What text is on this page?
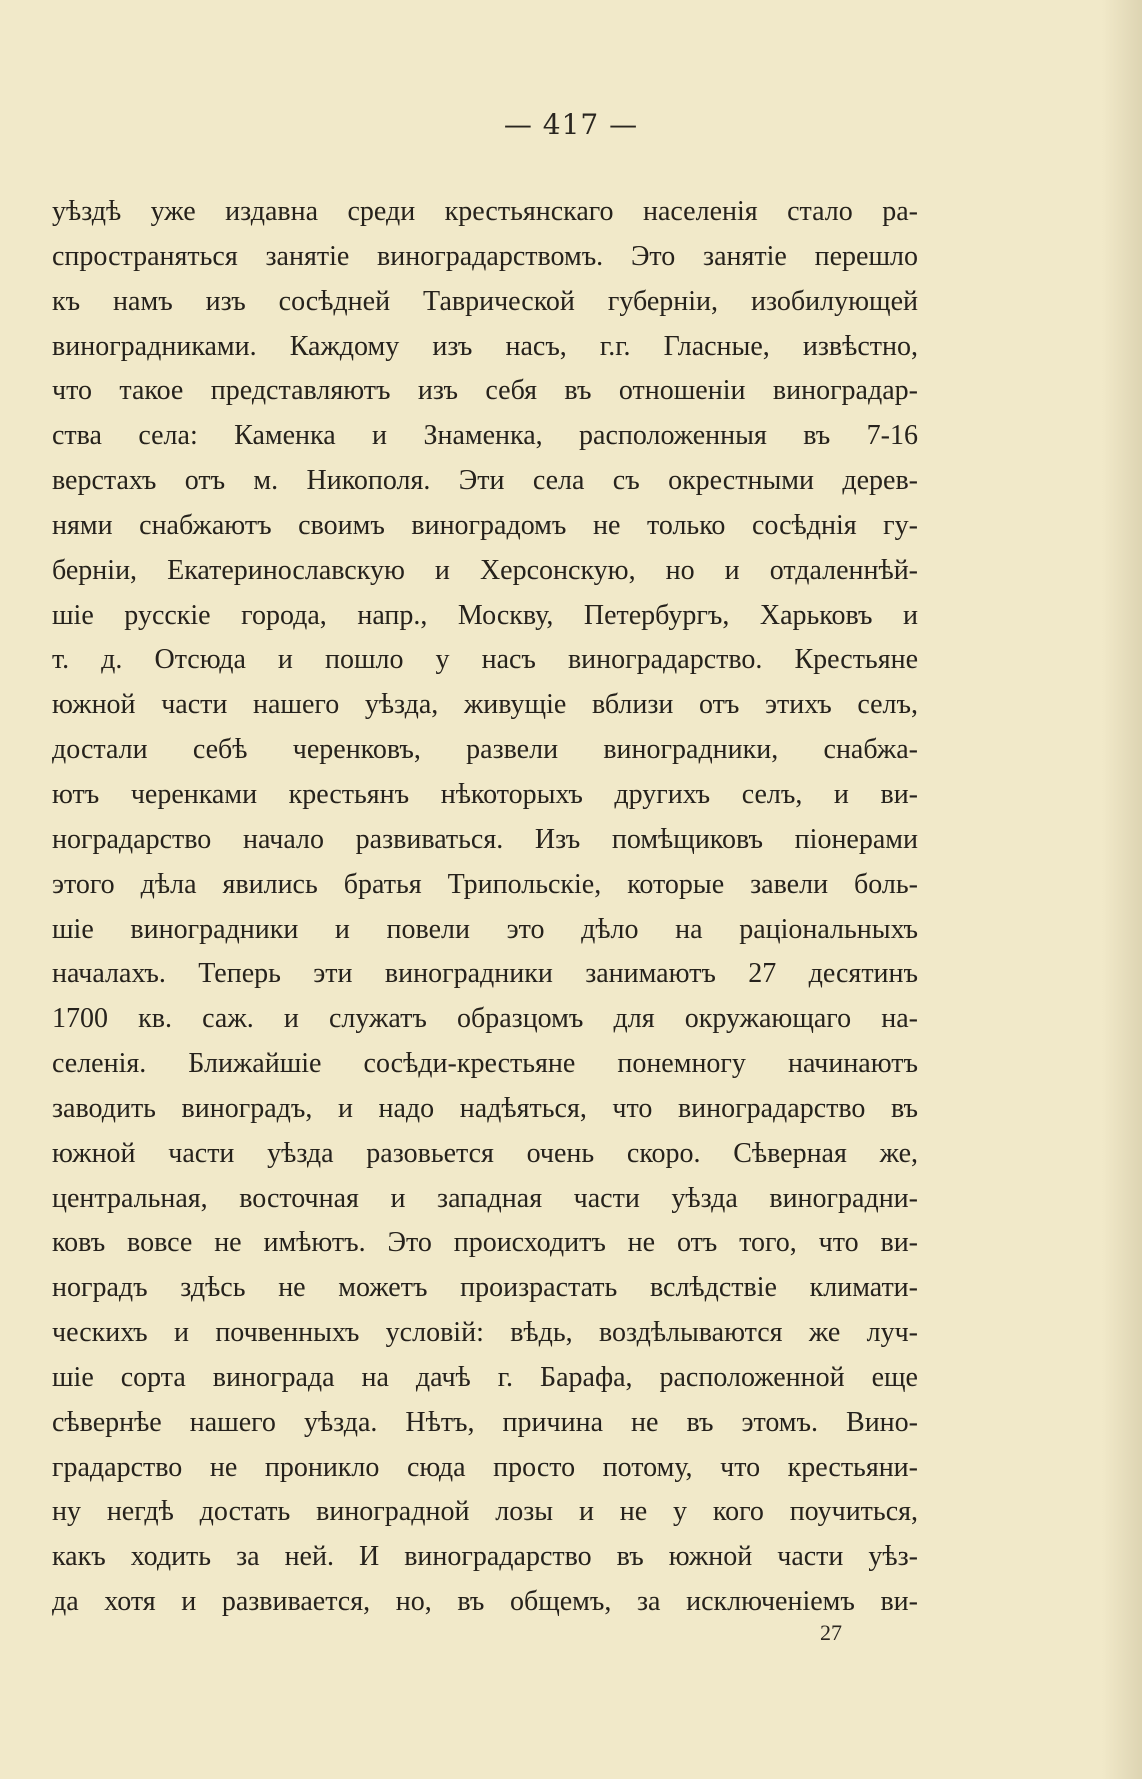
— 417 —
уѣздѣ уже издавна среди крестьянскаго населенія стало ра-
спространяться занятіе виноградарствомъ. Это занятіе перешло
къ намъ изъ сосѣдней Таврической губерніи, изобилующей
виноградниками. Каждому изъ насъ, г.г. Гласные, извѣстно,
что такое представляютъ изъ себя въ отношеніи виноградар-
ства села: Каменка и Знаменка, расположенныя въ 7-16
верстахъ отъ м. Никополя. Эти села съ окрестными дерев-
нями снабжаютъ своимъ виноградомъ не только сосѣднія гу-
берніи, Екатеринославскую и Херсонскую, но и отдаленнѣй-
шіе русскіе города, напр., Москву, Петербургъ, Харьковъ и
т. д. Отсюда и пошло у насъ виноградарство. Крестьяне
южной части нашего уѣзда, живущіе вблизи отъ этихъ селъ,
достали себѣ черенковъ, развели виноградники, снабжа-
ютъ черенками крестьянъ нѣкоторыхъ другихъ селъ, и ви-
ноградарство начало развиваться. Изъ помѣщиковъ піонерами
этого дѣла явились братья Трипольскіе, которые завели боль-
шіе виноградники и повели это дѣло на раціональныхъ
началахъ. Теперь эти виноградники занимаютъ 27 десятинъ
1700 кв. саж. и служатъ образцомъ для окружающаго на-
селенія. Ближайшіе сосѣди-крестьяне понемногу начинаютъ
заводить виноградъ, и надо надѣяться, что виноградарство въ
южной части уѣзда разовьется очень скоро. Сѣверная же,
центральная, восточная и западная части уѣзда виноградни-
ковъ вовсе не имѣютъ. Это происходитъ не отъ того, что ви-
ноградъ здѣсь не можетъ произрастать вслѣдствіе климати-
ческихъ и почвенныхъ условій: вѣдь, воздѣлываются же луч-
шіе сорта винограда на дачѣ г. Барафа, расположенной еще
сѣвернѣе нашего уѣзда. Нѣтъ, причина не въ этомъ. Вино-
градарство не проникло сюда просто потому, что крестьяни-
ну негдѣ достать виноградной лозы и не у кого поучиться,
какъ ходить за ней. И виноградарство въ южной части уѣз-
да хотя и развивается, но, въ общемъ, за исключеніемъ ви-
27
